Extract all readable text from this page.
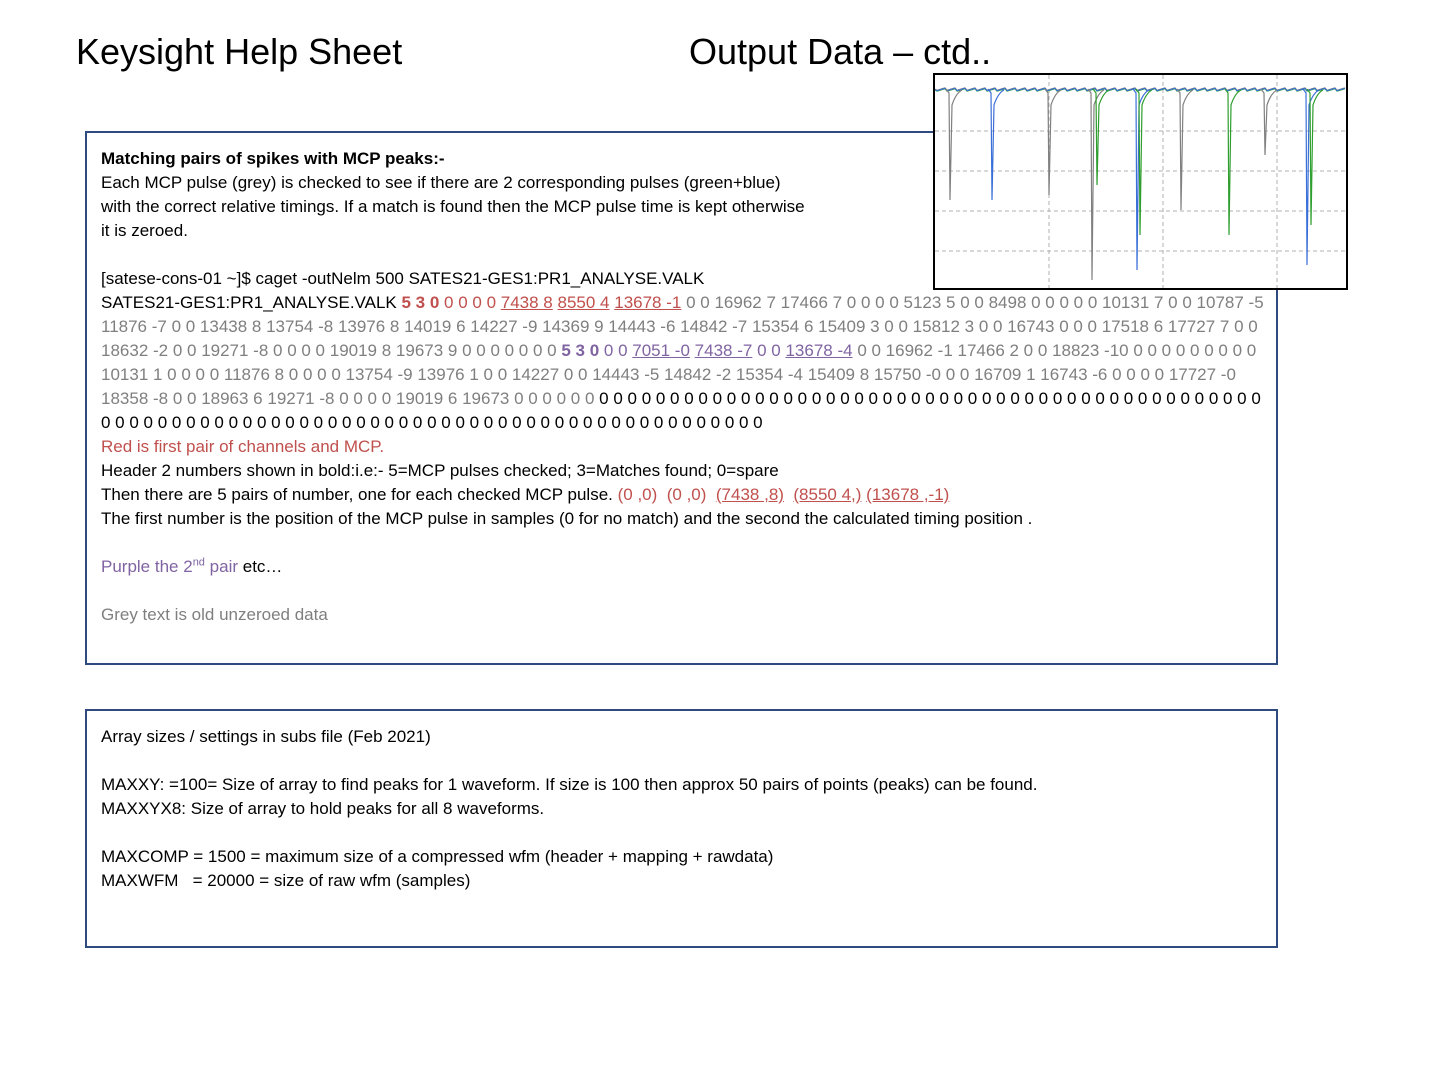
Keysight Help Sheet	Output Data – ctd..
Matching pairs of spikes with MCP peaks:-
Each MCP pulse (grey) is checked to see if there are 2 corresponding pulses (green+blue)
with the correct relative timings. If a match is found then the MCP pulse time is kept otherwise
it is zeroed.
[satese-cons-01 ~]$ caget -outNelm 500 SATES21-GES1:PR1_ANALYSE.VALK
SATES21-GES1:PR1_ANALYSE.VALK 5 3 0 0 0 0 0 7438 8 8550 4 13678 -1 0 0 16962 7 17466 7 0 0 0 0 5123 5 0 0 8498 0 0 0 0 0 10131 7 0 0 10787 -5 11876 -7 0 0 13438 8 13754 -8 13976 8 14019 6 14227 -9 14369 9 14443 -6 14842 -7 15354 6 15409 3 0 0 15812 3 0 0 16743 0 0 0 17518 6 17727 7 0 0 18632 -2 0 0 19271 -8 0 0 0 0 19019 8 19673 9 0 0 0 0 0 0 0 5 3 0 0 0 7051 -0 7438 -7 0 0 13678 -4 0 0 16962 -1 17466 2 0 0 18823 -10 0 0 0 0 0 0 0 0 0 10131 1 0 0 0 0 11876 8 0 0 0 0 13754 -9 13976 1 0 0 14227 0 0 14443 -5 14842 -2 15354 -4 15409 8 15750 -0 0 0 16709 1 16743 -6 0 0 0 0 17727 -0 18358 -8 0 0 18963 6 19271 -8 0 0 0 0 19019 6 19673 0 0 0 0 0 0 0 0 0 0 0 0 0 0 0 0 0 0 0 0 0 0 0 0 0 0 0 0 0 0 0 0 0 0 0 0 0 0 0 0 0 0 0 0 0 0 0 0 0 0 0 0 0 0 0 0 0 0 0 0 0 0 0 0 0 0 0 0 0 0 0 0 0 0 0 0 0 0 0 0 0 0 0 0 0 0 0 0 0 0 0 0 0 0 0 0 0 0 0 0
Red is first pair of channels and MCP.
Header 2 numbers shown in bold:i.e:- 5=MCP pulses checked; 3=Matches found; 0=spare
Then there are 5 pairs of number, one for each checked MCP pulse. (0 ,0) (0 ,0) (7438 ,8) (8550 4,) (13678 ,-1)
The first number is the position of the MCP pulse in samples (0 for no match) and the second the calculated timing position .
Purple the 2nd pair etc…
Grey text is old unzeroed data
Array sizes / settings in subs file (Feb 2021)
MAXXY: =100= Size of array to find peaks for 1 waveform. If size is 100 then approx 50 pairs of points (peaks) can be found.
MAXXYX8: Size of array to hold peaks for all 8 waveforms.
MAXCOMP = 1500 = maximum size of a compressed wfm (header + mapping + rawdata)
MAXWFM   = 20000 = size of raw wfm (samples)
